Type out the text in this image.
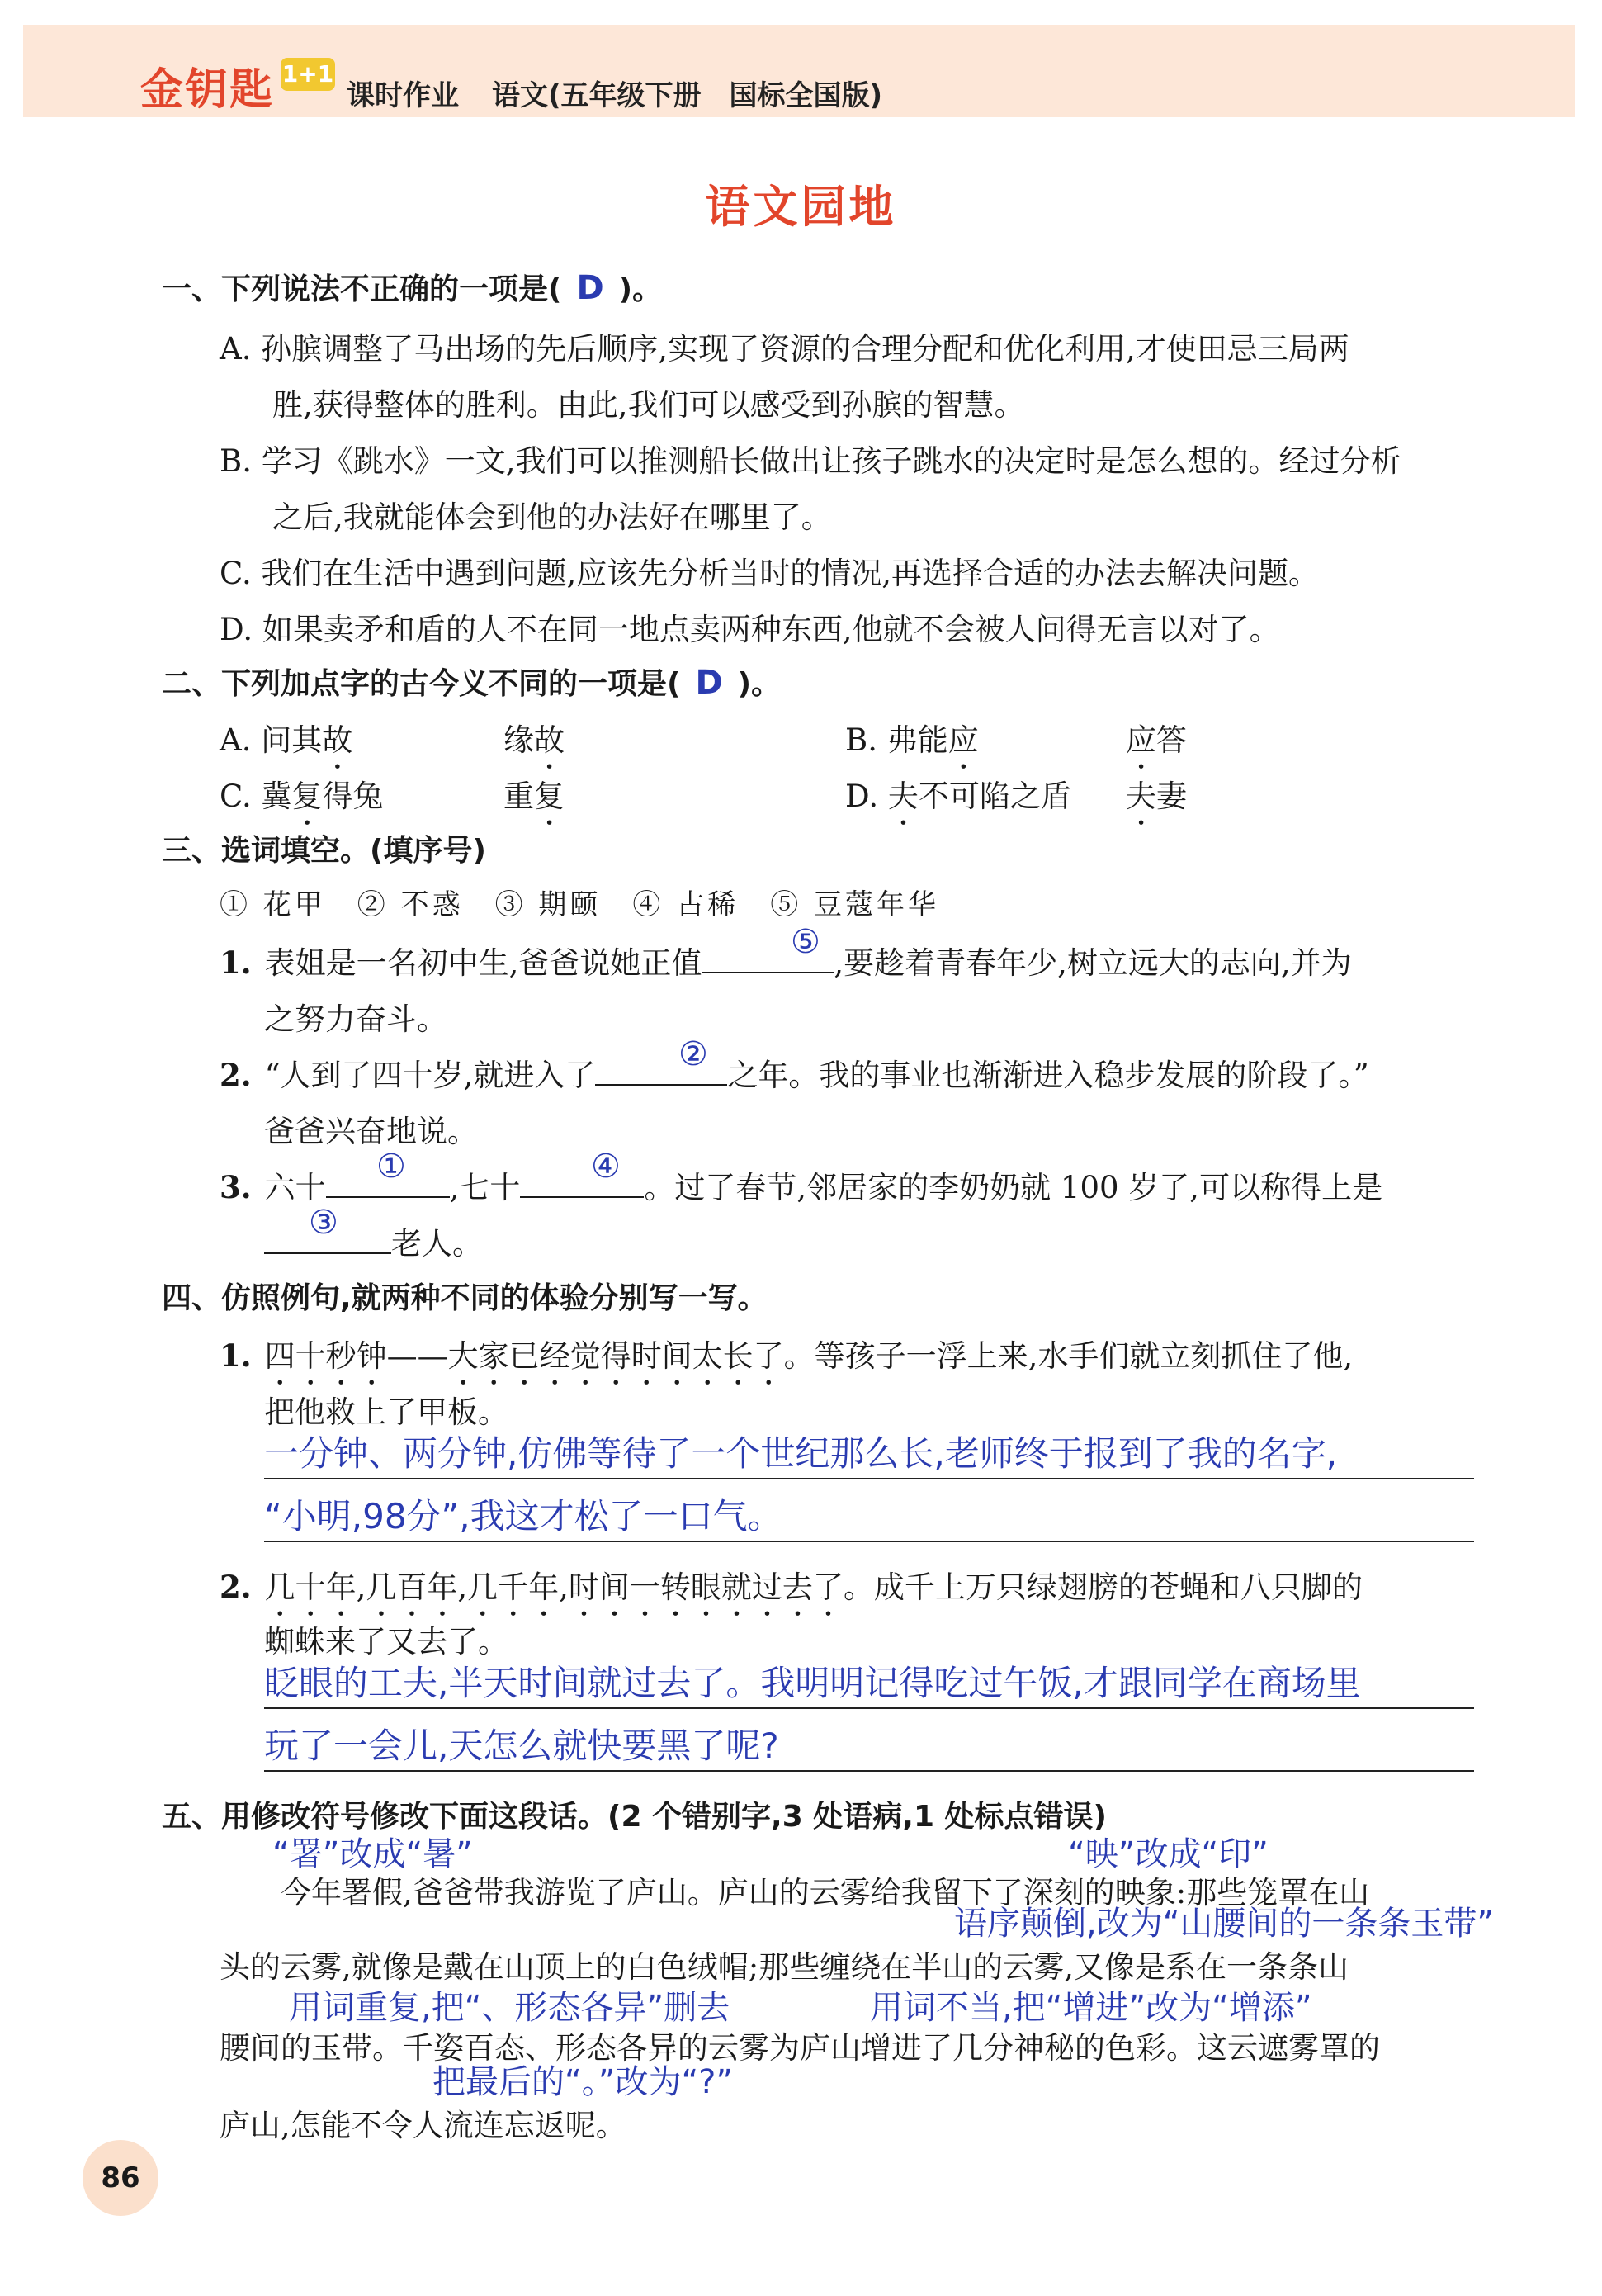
金钥匙 1+1
课时作业 语文(五年级下册　国标全国版)
语文园地
一、下列说法不正确的一项是( D )。
A. 孙膑调整了马出场的先后顺序,实现了资源的合理分配和优化利用,才使田忌三局两
胜,获得整体的胜利。由此,我们可以感受到孙膑的智慧。
B. 学习《跳水》一文,我们可以推测船长做出让孩子跳水的决定时是怎么想的。经过分析
之后,我就能体会到他的办法好在哪里了。
C. 我们在生活中遇到问题,应该先分析当时的情况,再选择合适的办法去解决问题。
D. 如果卖矛和盾的人不在同一地点卖两种东西,他就不会被人问得无言以对了。
二、下列加点字的古今义不同的一项是( D )。
A. 问其故	缘故	B. 弗能应	应答
C. 冀复得兔	重复	D. 夫不可陷之盾 夫妻
三、选词填空。(填序号)
① 花甲　② 不惑　③ 期颐　④ 古稀　⑤ 豆蔻年华
1. 表姐是一名初中生,爸爸说她正值	,要趁着青春年少,树立远大的志向,并为
⑤
之努力奋斗。
2. “人到了四十岁,就进入了	之年。我的事业也渐渐进入稳步发展的阶段了。”
②
爸爸兴奋地说。
3. 六十	,七十	。过了春节,邻居家的李奶奶就 100 岁了,可以称得上是
①	④
老人。
③
四、仿照例句,就两种不同的体验分别写一写。
1. 四十秒钟——大家已经觉得时间太长了。等孩子一浮上来,水手们就立刻抓住了他,
把他救上了甲板。
一分钟、两分钟,仿佛等待了一个世纪那么长,老师终于报到了我的名字,
“小明,98分”,我这才松了一口气。
2. 几十年,几百年,几千年,时间一转眼就过去了。成千上万只绿翅膀的苍蝇和八只脚的
蜘蛛来了又去了。
眨眼的工夫,半天时间就过去了。我明明记得吃过午饭,才跟同学在商场里
玩了一会儿,天怎么就快要黑了呢?
五、用修改符号修改下面这段话。(2 个错别字,3 处语病,1 处标点错误)
“署”改成“暑”	“映”改成“印”
今年署假,爸爸带我游览了庐山。庐山的云雾给我留下了深刻的映象:那些笼罩在山
语序颠倒,改为“山腰间的一条条玉带”
头的云雾,就像是戴在山顶上的白色绒帽;那些缠绕在半山的云雾,又像是系在一条条山
用词重复,把“、形态各异”删去	用词不当,把“增进”改为“增添”
腰间的玉带。千姿百态、形态各异的云雾为庐山增进了几分神秘的色彩。这云遮雾罩的
把最后的“。”改为“?”
庐山,怎能不令人流连忘返呢。
86
